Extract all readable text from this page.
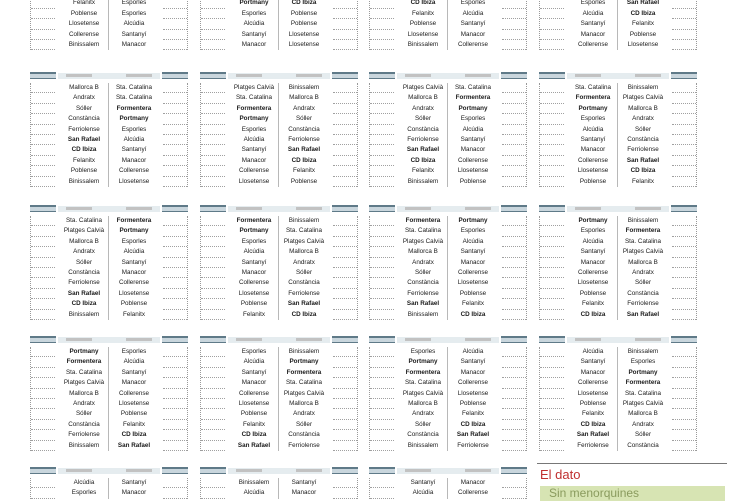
Felanitx	Esporles
Poblense	Esporles
Llosetense	Alcúdia
Collerense	Santanyí
Binissalem	Manacor
Portmany	CD Ibiza
Esporles	Poblense
Alcúdia	Poblense
Santanyí	Llosetense
Manacor	Llosetense
CD Ibiza	Esporles
Felanitx	Alcúdia
Poblense	Santanyí
Llosetense	Manacor
Binissalem	Collerense
Esporles	San Rafael
Alcúdia	CD Ibiza
Santanyí	Felanitx
Manacor	Poblense
Collerense	Llosetense
Mallorca B	Sta. Catalina
Andratx	Sta. Catalina
Sóller	Formentera
Constància	Portmany
Ferriolense	Esporles
San Rafael	Alcúdia
CD Ibiza	Santanyí
Felanitx	Manacor
Poblense	Collerense
Binissalem	Llosetense
Platges Calvià	Binissalem
Sta. Catalina	Mallorca B
Formentera	Andratx
Portmany	Sóller
Esporles	Constància
Alcúdia	Ferriolense
Santanyí	San Rafael
Manacor	CD Ibiza
Collerense	Felanitx
Llosetense	Poblense
Platges Calvià	Sta. Catalina
Mallorca B	Formentera
Andratx	Portmany
Sóller	Esporles
Constància	Alcúdia
Ferriolense	Santanyí
San Rafael	Manacor
CD Ibiza	Collerense
Felanitx	Llosetense
Binissalem	Poblense
Sta. Catalina	Binissalem
Formentera	Platges Calvià
Portmany	Mallorca B
Esporles	Andratx
Alcúdia	Sóller
Santanyí	Constància
Manacor	Ferriolense
Collerense	San Rafael
Llosetense	CD Ibiza
Poblense	Felanitx
Sta. Catalina	Formentera
Platges Calvià	Portmany
Mallorca B	Esporles
Andratx	Alcúdia
Sóller	Santanyí
Constància	Manacor
Ferriolense	Collerense
San Rafael	Llosetense
CD Ibiza	Poblense
Binissalem	Felanitx
Formentera	Binissalem
Portmany	Sta. Catalina
Esporles	Platges Calvià
Alcúdia	Mallorca B
Santanyí	Andratx
Manacor	Sóller
Collerense	Constància
Llosetense	Ferriolense
Poblense	San Rafael
Felanitx	CD Ibiza
Formentera	Portmany
Sta. Catalina	Esporles
Platges Calvià	Alcúdia
Mallorca B	Santanyí
Andratx	Manacor
Sóller	Collerense
Constància	Llosetense
Ferriolense	Poblense
San Rafael	Felanitx
Binissalem	CD Ibiza
Portmany	Binissalem
Esporles	Formentera
Alcúdia	Sta. Catalina
Santanyí	Platges Calvià
Manacor	Mallorca B
Collerense	Andratx
Llosetense	Sóller
Poblense	Constància
Felanitx	Ferriolense
CD Ibiza	San Rafael
Portmany	Esporles
Formentera	Alcúdia
Sta. Catalina	Santanyí
Platges Calvià	Manacor
Mallorca B	Collerense
Andratx	Llosetense
Sóller	Poblense
Constància	Felanitx
Ferriolense	CD Ibiza
Binissalem	San Rafael
Esporles	Binissalem
Alcúdia	Portmany
Santanyí	Formentera
Manacor	Sta. Catalina
Collerense	Platges Calvià
Llosetense	Mallorca B
Poblense	Andratx
Felanitx	Sóller
CD Ibiza	Constància
San Rafael	Ferriolense
Esporles	Alcúdia
Portmany	Santanyí
Formentera	Manacor
Sta. Catalina	Collerense
Platges Calvià	Llosetense
Mallorca B	Poblense
Andratx	Felanitx
Sóller	CD Ibiza
Constància	San Rafael
Binissalem	Ferriolense
Alcúdia	Binissalem
Santanyí	Esporles
Manacor	Portmany
Collerense	Formentera
Llosetense	Sta. Catalina
Poblense	Platges Calvià
Felanitx	Mallorca B
CD Ibiza	Andratx
San Rafael	Sóller
Ferriolense	Constància
Alcúdia	Santanyí
Esporles	Manacor
Binissalem	Santanyí
Alcúdia	Manacor
Santanyí	Manacor
Alcúdia	Collerense
El dato
Sin menorquines
